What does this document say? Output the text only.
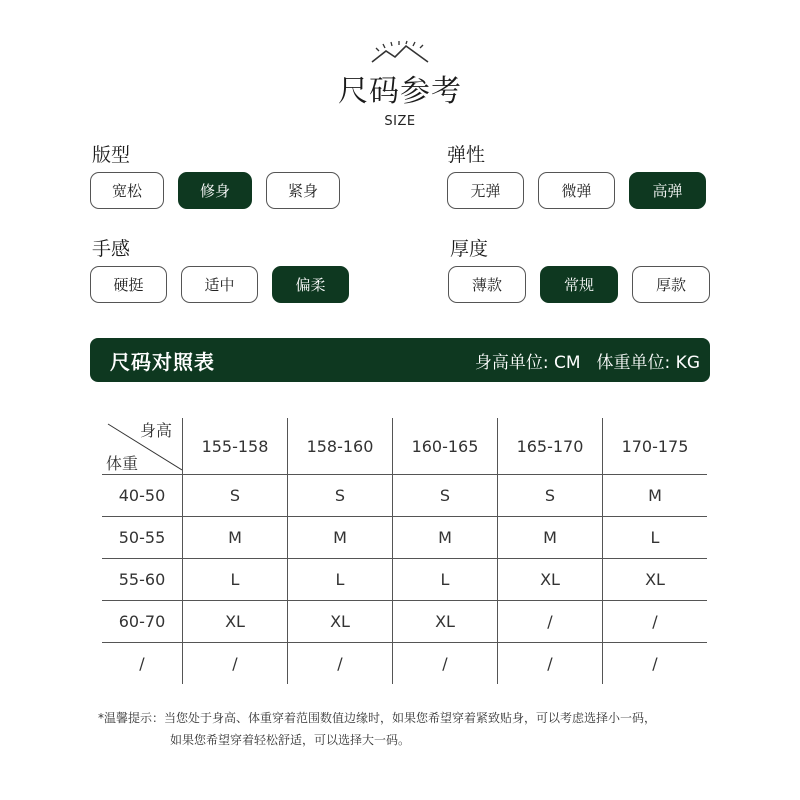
尺码参考
SIZE
版型
宽松	修身	紧身
弹性
无弹	微弹	高弹
手感
硬挺	适中	偏柔
厚度
薄款	常规	厚款
尺码对照表	身高单位: CM 体重单位: KG
身高
体重	155-158	158-160	160-165	165-170	170-175
40-50	S	S	S	S	M
50-55	M	M	M	M	L
55-60	L	L	L	XL	XL
60-70	XL	XL	XL	/	/
/	/	/	/	/	/
*温馨提示：当您处于身高、体重穿着范围数值边缘时，如果您希望穿着紧致贴身，可以考虑选择小一码，
如果您希望穿着轻松舒适，可以选择大一码。
